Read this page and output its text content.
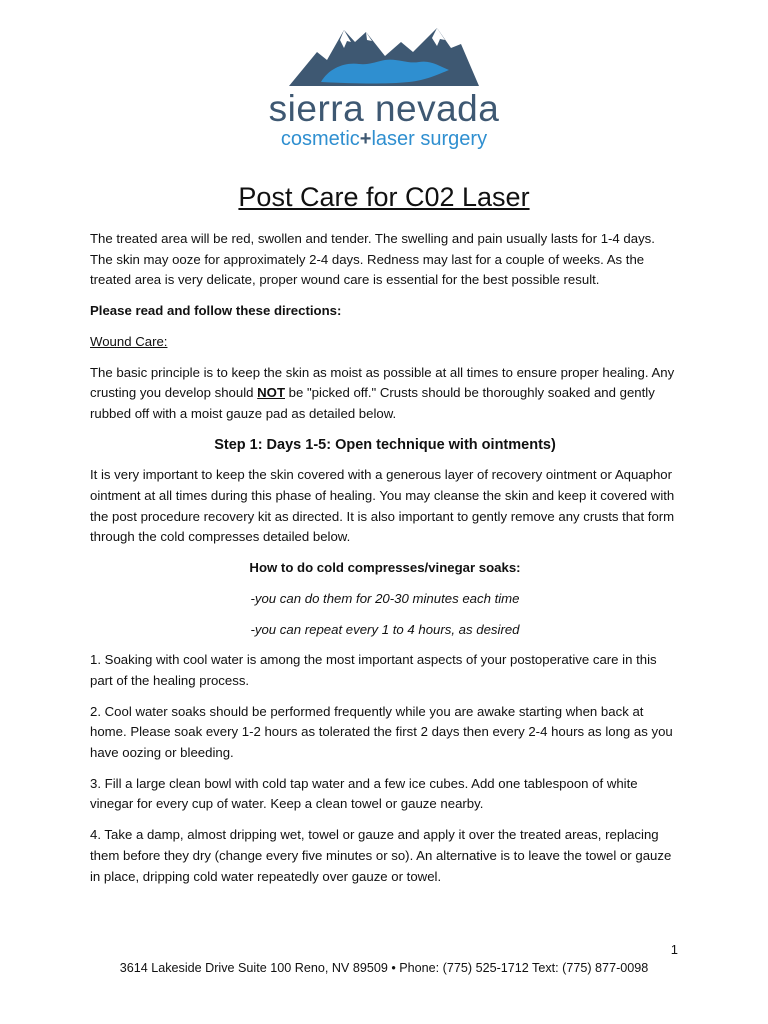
sierra nevada
cosmetic+laser surgery
Post Care for C02 Laser

The treated area will be red, swollen and tender. The swelling and pain usually lasts for 1-4 days. The skin may ooze for approximately 2-4 days. Redness may last for a couple of weeks. As the treated area is very delicate, proper wound care is essential for the best possible result.

Please read and follow these directions:

Wound Care:

The basic principle is to keep the skin as moist as possible at all times to ensure proper healing. Any crusting you develop should NOT be "picked off." Crusts should be thoroughly soaked and gently rubbed off with a moist gauze pad as detailed below.

Step 1: Days 1-5: Open technique with ointments)

It is very important to keep the skin covered with a generous layer of recovery ointment or Aquaphor ointment at all times during this phase of healing. You may cleanse the skin and keep it covered with the post procedure recovery kit as directed. It is also important to gently remove any crusts that form through the cold compresses detailed below.

How to do cold compresses/vinegar soaks:

-you can do them for 20-30 minutes each time

-you can repeat every 1 to 4 hours, as desired

1. Soaking with cool water is among the most important aspects of your postoperative care in this part of the healing process.

2. Cool water soaks should be performed frequently while you are awake starting when back at home. Please soak every 1-2 hours as tolerated the first 2 days then every 2-4 hours as long as you have oozing or bleeding.

3. Fill a large clean bowl with cold tap water and a few ice cubes. Add one tablespoon of white vinegar for every cup of water. Keep a clean towel or gauze nearby.

4. Take a damp, almost dripping wet, towel or gauze and apply it over the treated areas, replacing them before they dry (change every five minutes or so). An alternative is to leave the towel or gauze in place, dripping cold water repeatedly over gauze or towel.

1
3614 Lakeside Drive Suite 100 Reno, NV 89509 • Phone: (775) 525-1712 Text: (775) 877-0098
